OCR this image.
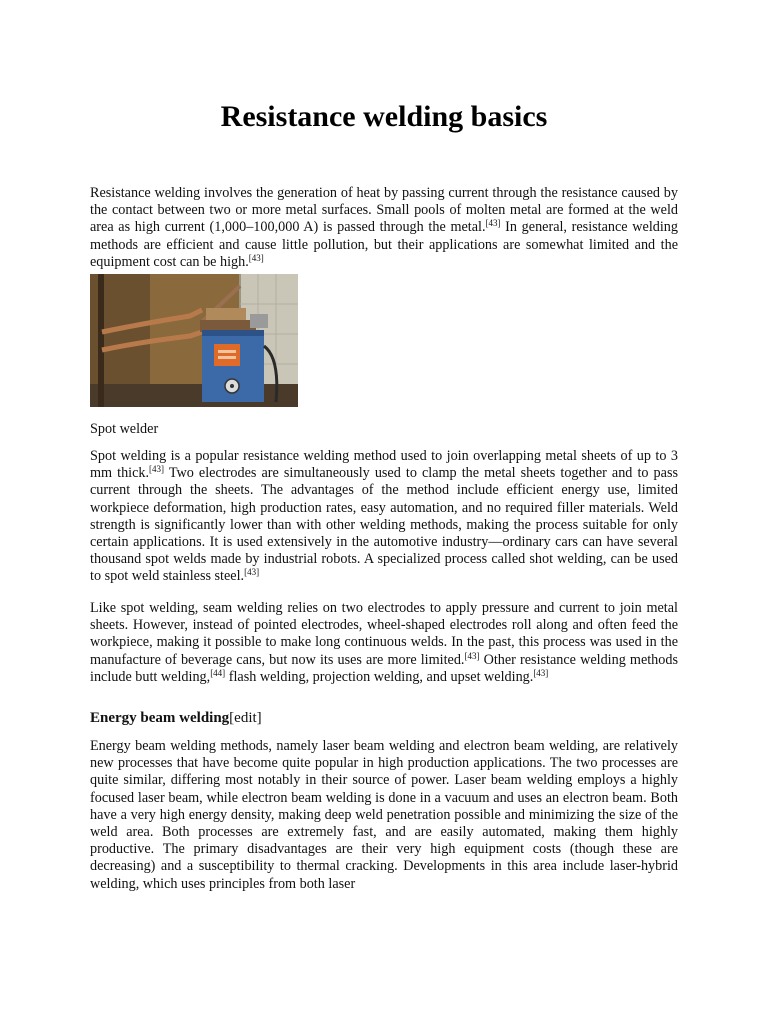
Resistance welding basics

Resistance welding involves the generation of heat by passing current through the resistance caused by the contact between two or more metal surfaces. Small pools of molten metal are formed at the weld area as high current (1,000–100,000 A) is passed through the metal.[43] In general, resistance welding methods are efficient and cause little pollution, but their applications are somewhat limited and the equipment cost can be high.[43]

Spot welder

Spot welding is a popular resistance welding method used to join overlapping metal sheets of up to 3 mm thick.[43] Two electrodes are simultaneously used to clamp the metal sheets together and to pass current through the sheets. The advantages of the method include efficient energy use, limited workpiece deformation, high production rates, easy automation, and no required filler materials. Weld strength is significantly lower than with other welding methods, making the process suitable for only certain applications. It is used extensively in the automotive industry—ordinary cars can have several thousand spot welds made by industrial robots. A specialized process called shot welding, can be used to spot weld stainless steel.[43]

Like spot welding, seam welding relies on two electrodes to apply pressure and current to join metal sheets. However, instead of pointed electrodes, wheel-shaped electrodes roll along and often feed the workpiece, making it possible to make long continuous welds. In the past, this process was used in the manufacture of beverage cans, but now its uses are more limited.[43] Other resistance welding methods include butt welding,[44] flash welding, projection welding, and upset welding.[43]

Energy beam welding[edit]

Energy beam welding methods, namely laser beam welding and electron beam welding, are relatively new processes that have become quite popular in high production applications. The two processes are quite similar, differing most notably in their source of power. Laser beam welding employs a highly focused laser beam, while electron beam welding is done in a vacuum and uses an electron beam. Both have a very high energy density, making deep weld penetration possible and minimizing the size of the weld area. Both processes are extremely fast, and are easily automated, making them highly productive. The primary disadvantages are their very high equipment costs (though these are decreasing) and a susceptibility to thermal cracking. Developments in this area include laser-hybrid welding, which uses principles from both laser
